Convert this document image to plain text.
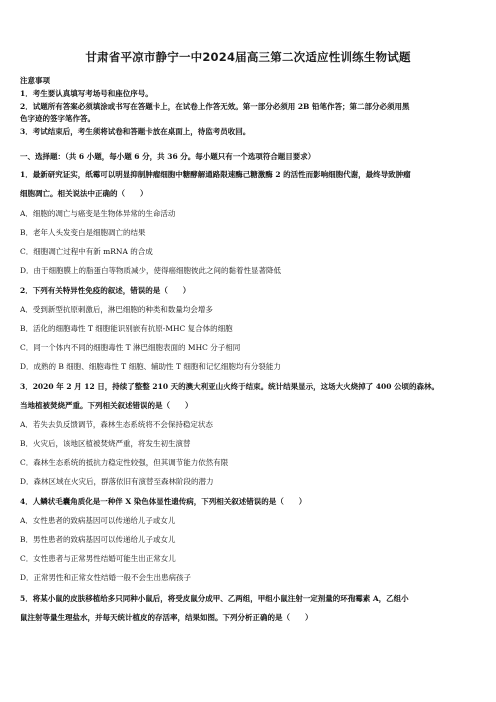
甘肃省平凉市静宁一中2024届高三第二次适应性训练生物试题
注意事项
1．考生要认真填写考场号和座位序号。
2．试题所有答案必须填涂或书写在答题卡上，在试卷上作答无效。第一部分必须用 2B 铅笔作答；第二部分必须用黑
色字迹的签字笔作答。
3．考试结束后，考生须将试卷和答题卡放在桌面上，待监考员收回。
一、选择题：（共 6 小题，每小题 6 分，共 36 分。每小题只有一个选项符合题目要求）
1．最新研究证实，纸霉可以明显抑制肿瘤细胞中糖酵解通路限速酶己糖激酶 2 的活性而影响细胞代谢，最终导致肿瘤
细胞凋亡。相关说法中正确的（　　）
A．细胞的凋亡与癌变是生物体异常的生命活动
B．老年人头发变白是细胞凋亡的结果
C．细胞凋亡过程中有新 mRNA 的合成
D．由于细胞膜上的脂蛋白等物质减少，使得癌细胞彼此之间的黏着性显著降低
2．下列有关特异性免疫的叙述，错误的是（　　）
A．受到新型抗原刺激后，淋巴细胞的种类和数量均会增多
B．活化的细胞毒性 T 细胞能识别嵌有抗原-MHC 复合体的细胞
C．同一个体内不同的细胞毒性 T 淋巴细胞表面的 MHC 分子相同
D．成熟的 B 细胞、细胞毒性 T 细胞、辅助性 T 细胞和记忆细胞均有分裂能力
3．2020 年 2 月 12 日，持续了整整 210 天的澳大利亚山火终于结束。统计结果显示，这场大火烧掉了 400 公顷的森林。
当地植被焚烧严重。下列相关叙述错误的是（　　）
A．若失去负反馈调节，森林生态系统将不会保持稳定状态
B．火灾后，该地区植被焚烧严重，将发生初生演替
C．森林生态系统的抵抗力稳定性较强，但其调节能力依然有限
D．森林区域在火灾后，群落依旧有演替至森林阶段的潜力
4．人鳞状毛囊角质化是一种伴 X 染色体显性遗传病，下列相关叙述错误的是（　　）
A．女性患者的致病基因可以传递给儿子或女儿
B．男性患者的致病基因可以传递给儿子或女儿
C．女性患者与正常男性结婚可能生出正常女儿
D．正常男性和正常女性结婚一般不会生出患病孩子
5．将某小鼠的皮肤移植给多只同种小鼠后，将受皮鼠分成甲、乙两组，甲组小鼠注射一定剂量的环孢霉素 A，乙组小
鼠注射等量生理盐水，并每天统计植皮的存活率，结果如图。下列分析正确的是（　　）
